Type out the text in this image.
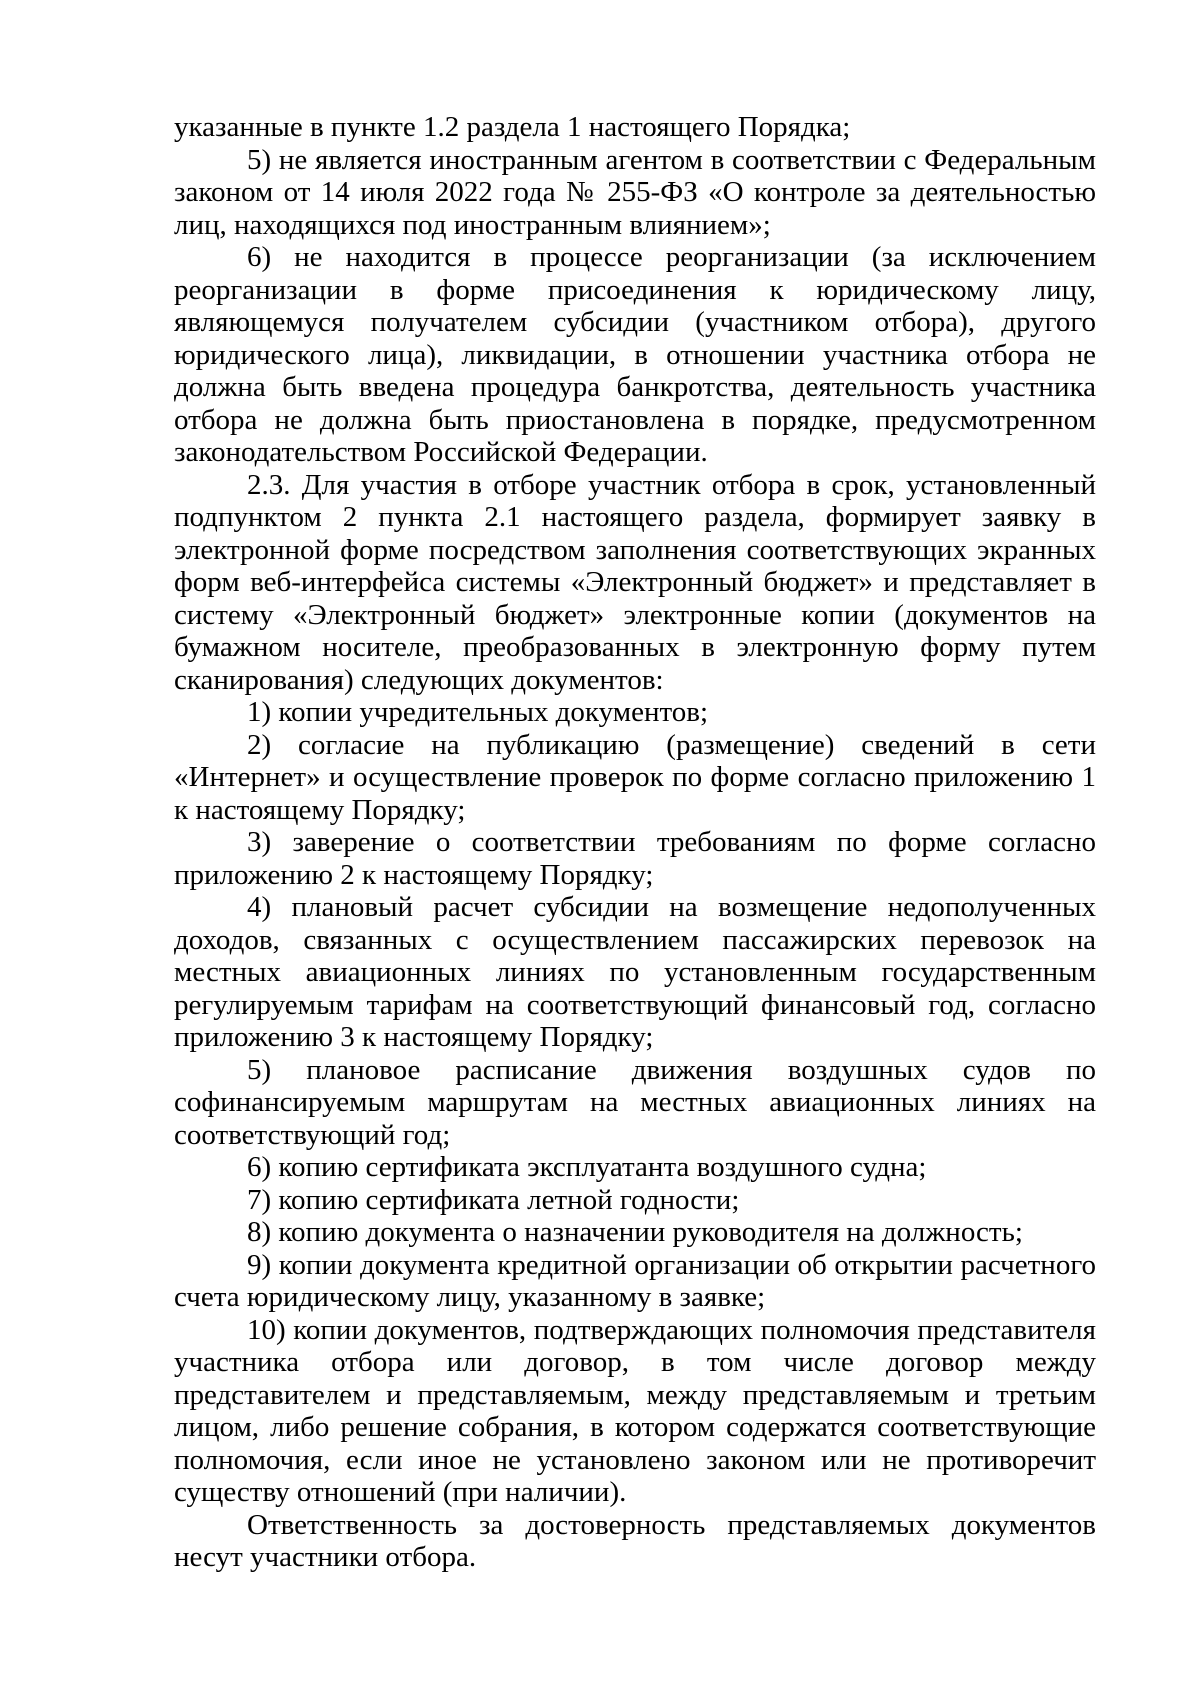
указанные в пункте 1.2 раздела 1 настоящего Порядка;

5) не является иностранным агентом в соответствии с Федеральным законом от 14 июля 2022 года № 255-ФЗ «О контроле за деятельностью лиц, находящихся под иностранным влиянием»;

6) не находится в процессе реорганизации (за исключением реорганизации в форме присоединения к юридическому лицу, являющемуся получателем субсидии (участником отбора), другого юридического лица), ликвидации, в отношении участника отбора не должна быть введена процедура банкротства, деятельность участника отбора не должна быть приостановлена в порядке, предусмотренном законодательством Российской Федерации.

2.3. Для участия в отборе участник отбора в срок, установленный подпунктом 2 пункта 2.1 настоящего раздела, формирует заявку в электронной форме посредством заполнения соответствующих экранных форм веб-интерфейса системы «Электронный бюджет» и представляет в систему «Электронный бюджет» электронные копии (документов на бумажном носителе, преобразованных в электронную форму путем сканирования) следующих документов:

1) копии учредительных документов;

2) согласие на публикацию (размещение) сведений в сети «Интернет» и осуществление проверок по форме согласно приложению 1 к настоящему Порядку;

3) заверение о соответствии требованиям по форме согласно приложению 2 к настоящему Порядку;

4) плановый расчет субсидии на возмещение недополученных доходов, связанных с осуществлением пассажирских перевозок на местных авиационных линиях по установленным государственным регулируемым тарифам на соответствующий финансовый год, согласно приложению 3 к настоящему Порядку;

5) плановое расписание движения воздушных судов по софинансируемым маршрутам на местных авиационных линиях на соответствующий год;

6) копию сертификата эксплуатанта воздушного судна;

7) копию сертификата летной годности;

8) копию документа о назначении руководителя на должность;

9) копии документа кредитной организации об открытии расчетного счета юридическому лицу, указанному в заявке;

10) копии документов, подтверждающих полномочия представителя участника отбора или договор, в том числе договор между представителем и представляемым, между представляемым и третьим лицом, либо решение собрания, в котором содержатся соответствующие полномочия, если иное не установлено законом или не противоречит существу отношений (при наличии).

Ответственность за достоверность представляемых документов несут участники отбора.
